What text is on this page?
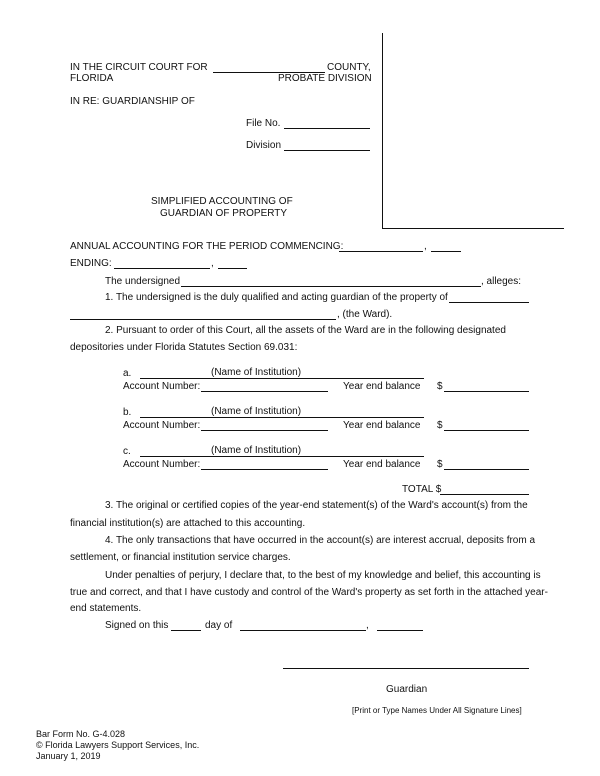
IN THE CIRCUIT COURT FOR	COUNTY,
FLORIDA	PROBATE DIVISION
IN RE: GUARDIANSHIP OF
File No.
Division
SIMPLIFIED ACCOUNTING OF
GUARDIAN OF PROPERTY
ANNUAL ACCOUNTING FOR THE PERIOD COMMENCING:	,
ENDING:	,
The undersigned	, alleges:
1. The undersigned is the duly qualified and acting guardian of the property of
, (the Ward).
2. Pursuant to order of this Court, all the assets of the Ward are in the following designated
depositories under Florida Statutes Section 69.031:
a.	(Name of Institution)
Account Number:	Year end balance $
b.	(Name of Institution)
Account Number:	Year end balance $
c.	(Name of Institution)
Account Number:	Year end balance $
TOTAL $
3. The original or certified copies of the year-end statement(s) of the Ward's account(s) from the
financial institution(s) are attached to this accounting.
4. The only transactions that have occurred in the account(s) are interest accrual, deposits from a
settlement, or financial institution service charges.
Under penalties of perjury, I declare that, to the best of my knowledge and belief, this accounting is
true and correct, and that I have custody and control of the Ward's property as set forth in the attached year-
end statements.
Signed on this	day of	,
Guardian
[Print or Type Names Under All Signature Lines]
Bar Form No. G-4.028
© Florida Lawyers Support Services, Inc.
January 1, 2019
